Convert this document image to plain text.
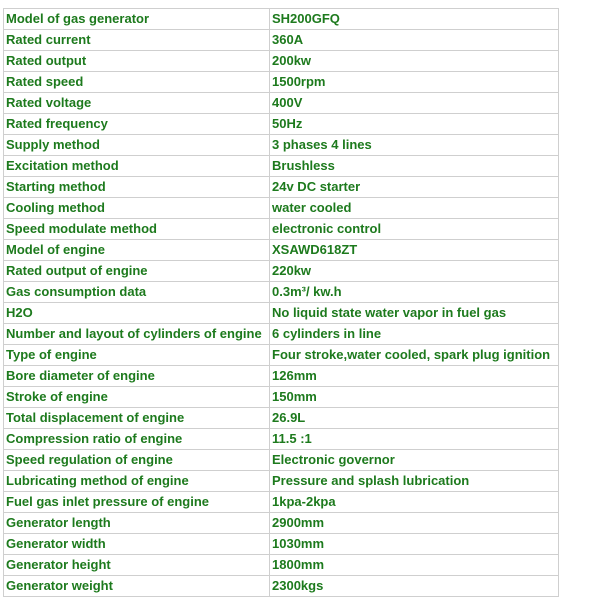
Model of gas generator	SH200GFQ
Rated current	360A
Rated output	200kw
Rated speed	1500rpm
Rated voltage	400V
Rated frequency	50Hz
Supply method	3 phases 4 lines
Excitation method	Brushless
Starting method	24v DC starter
Cooling method	water cooled
Speed modulate method	electronic control
Model of engine	XSAWD618ZT
Rated output of engine	220kw
Gas consumption data	0.3m³/ kw.h
H2O	No liquid state water vapor in fuel gas
Number and layout of cylinders of engine	6 cylinders in line
Type of engine	Four stroke,water cooled, spark plug ignition
Bore diameter of engine	126mm
Stroke of engine	150mm
Total displacement of engine	26.9L
Compression ratio of engine	11.5 :1
Speed regulation of engine	Electronic governor
Lubricating method of engine	Pressure and splash lubrication
Fuel gas inlet pressure of engine	1kpa-2kpa
Generator length	2900mm
Generator width	1030mm
Generator height	1800mm
Generator weight	2300kgs
